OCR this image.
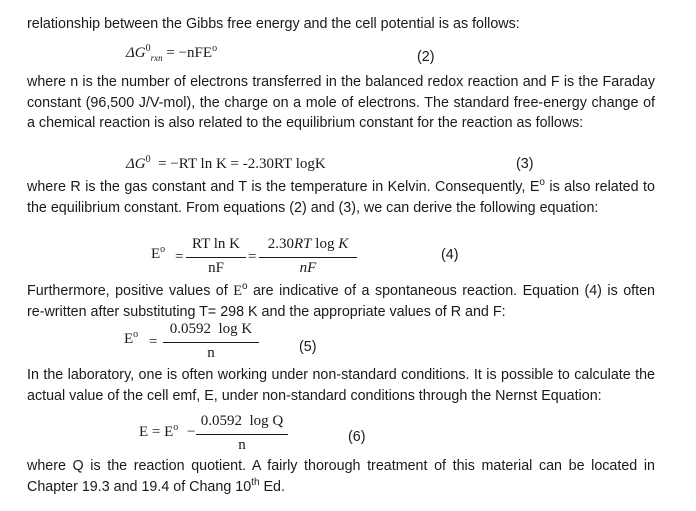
relationship between the Gibbs free energy and the cell potential is as follows:
$\Delta G^0_{rxn} = -nFE^o$
(2)
where n is the number of electrons transferred in the balanced redox reaction and F is the Faraday constant (96,500 J/V-mol), the charge on a mole of electrons. The standard free-energy change of a chemical reaction is also related to the equilibrium constant for the reaction as follows:
$\Delta G^0 = -RT$ ln K = -2.30RT logK	(3)
where R is the gas constant and T is the temperature in Kelvin. Consequently, $E^o$ is also related to the equilibrium constant. From equations (2) and (3), we can derive the following equation:
$E^o$ =
RT ln K
nF
=
2.30RT log K
nF
(4)
Furthermore, positive values of $E^o$ are indicative of a spontaneous reaction. Equation (4) is often re-written after substituting T= 298 K and the appropriate values of R and F:
$E^o$ =
0.0592  log K
n	(5)
In the laboratory, one is often working under non-standard conditions. It is possible to calculate the actual value of the cell emf, E, under non-standard conditions through the Nernst Equation:
$E = E^o$ −
0.0592  log Q
n	(6)
where Q is the reaction quotient. A fairly thorough treatment of this material can be located in Chapter 19.3 and 19.4 of Chang 10th Ed.
